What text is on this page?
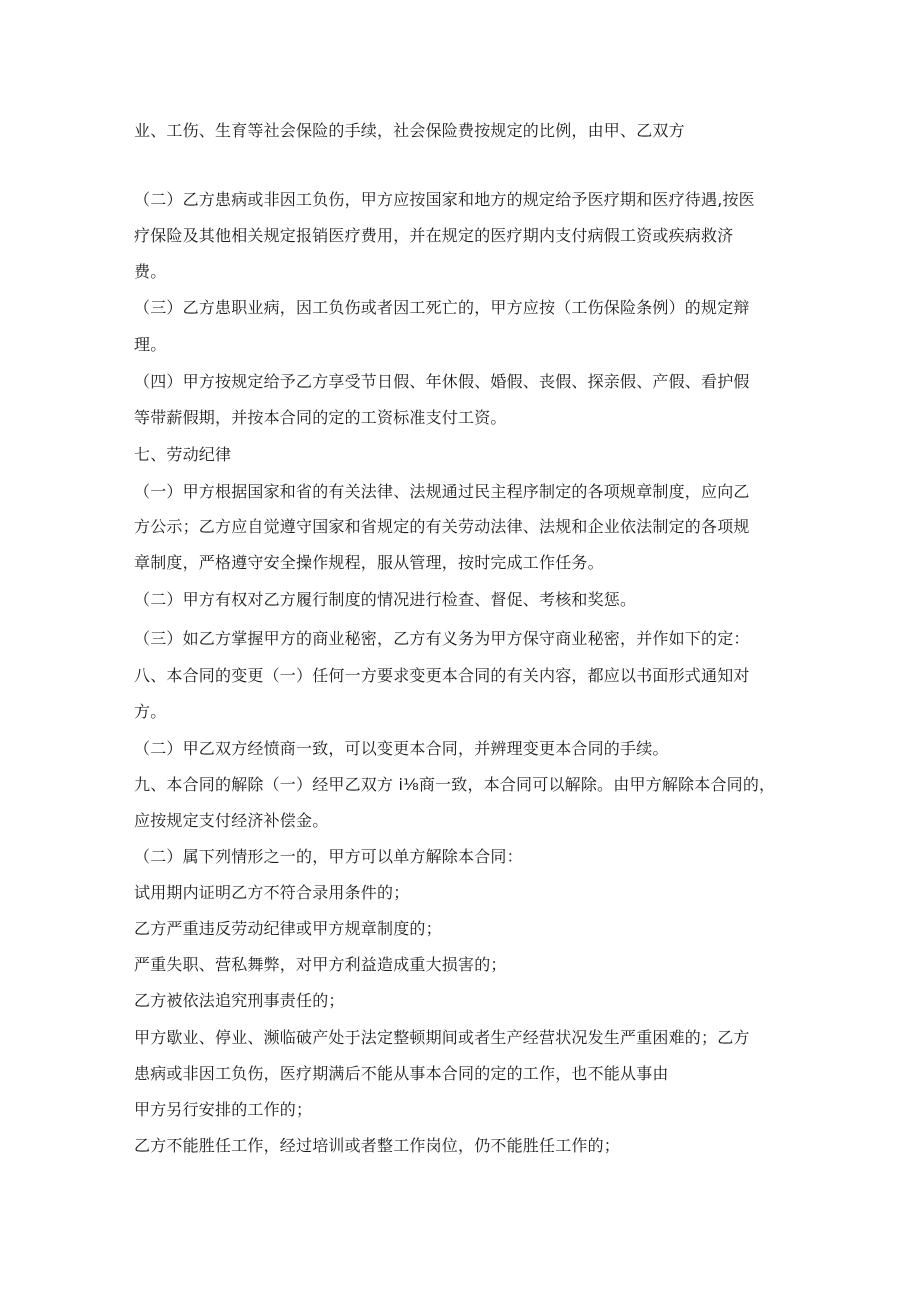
业、工伤、生育等社会保险的手续，社会保险费按规定的比例，由甲、乙双方
（二）乙方患病或非因工负伤，甲方应按国家和地方的规定给予医疗期和医疗待遇,按医
疗保险及其他相关规定报销医疗费用，并在规定的医疗期内支付病假工资或疾病救济
费。
（三）乙方患职业病，因工负伤或者因工死亡的，甲方应按（工伤保险条例）的规定辩
理。
（四）甲方按规定给予乙方享受节日假、年休假、婚假、丧假、探亲假、产假、看护假
等带薪假期，并按本合同的定的工资标准支付工资。
七、劳动纪律
（一）甲方根据国家和省的有关法律、法规通过民主程序制定的各项规章制度，应向乙
方公示；乙方应自觉遵守国家和省规定的有关劳动法律、法规和企业依法制定的各项规
章制度，严格遵守安全操作规程，服从管理，按时完成工作任务。
（二）甲方有权对乙方履行制度的情况进行检查、督促、考核和奖惩。
（三）如乙方掌握甲方的商业秘密，乙方有义务为甲方保守商业秘密，并作如下的定：
八、本合同的变更（一）任何一方要求变更本合同的有关内容，都应以书面形式通知对
方。
（二）甲乙双方经愤商一致，可以变更本合同，并辨理变更本合同的手续。
九、本合同的解除（一）经甲乙双方 i⅛商一致，本合同可以解除。由甲方解除本合同的，
应按规定支付经济补偿金。
（二）属下列情形之一的，甲方可以单方解除本合同：
试用期内证明乙方不符合录用条件的；
乙方严重违反劳动纪律或甲方规章制度的；
严重失职、营私舞弊，对甲方利益造成重大损害的；
乙方被依法追究刑事责任的；
甲方歇业、停业、濒临破产处于法定整顿期间或者生产经营状况发生严重困难的；乙方
患病或非因工负伤，医疗期满后不能从事本合同的定的工作，也不能从事由
甲方另行安排的工作的；
乙方不能胜任工作，经过培训或者整工作岗位，仍不能胜任工作的；
